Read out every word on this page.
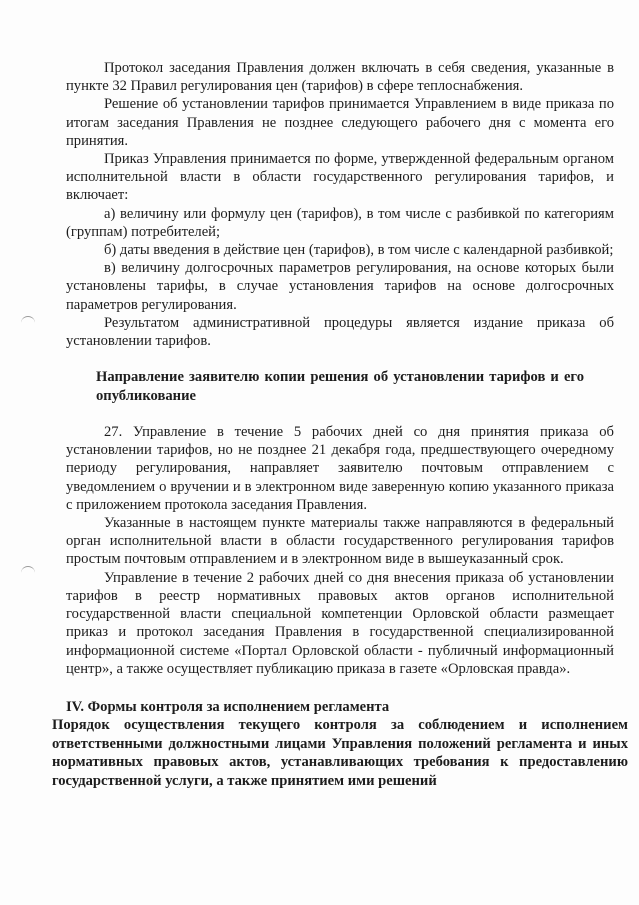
Протокол заседания Правления должен включать в себя сведения, указанные в пункте 32 Правил регулирования цен (тарифов) в сфере теплоснабжения.

Решение об установлении тарифов принимается Управлением в виде приказа по итогам заседания Правления не позднее следующего рабочего дня с момента его принятия.

Приказ Управления принимается по форме, утвержденной федеральным органом исполнительной власти в области государственного регулирования тарифов, и включает:

а) величину или формулу цен (тарифов), в том числе с разбивкой по категориям (группам) потребителей;

б) даты введения в действие цен (тарифов), в том числе с календарной разбивкой;

в) величину долгосрочных параметров регулирования, на основе которых были установлены тарифы, в случае установления тарифов на основе долгосрочных параметров регулирования.

Результатом административной процедуры является издание приказа об установлении тарифов.

Направление заявителю копии решения об установлении тарифов и его опубликование

27. Управление в течение 5 рабочих дней со дня принятия приказа об установлении тарифов, но не позднее 21 декабря года, предшествующего очередному периоду регулирования, направляет заявителю почтовым отправлением с уведомлением о вручении и в электронном виде заверенную копию указанного приказа с приложением протокола заседания Правления.

Указанные в настоящем пункте материалы также направляются в федеральный орган исполнительной власти в области государственного регулирования тарифов простым почтовым отправлением и в электронном виде в вышеуказанный срок.

Управление в течение 2 рабочих дней со дня внесения приказа об установлении тарифов в реестр нормативных правовых актов органов исполнительной государственной власти специальной компетенции Орловской области размещает приказ и протокол заседания Правления в государственной специализированной информационной системе «Портал Орловской области - публичный информационный центр», а также осуществляет публикацию приказа в газете «Орловская правда».

IV. Формы контроля за исполнением регламента

Порядок осуществления текущего контроля за соблюдением и исполнением ответственными должностными лицами Управления положений регламента и иных нормативных правовых актов, устанавливающих требования к предоставлению государственной услуги, а также принятием ими решений
